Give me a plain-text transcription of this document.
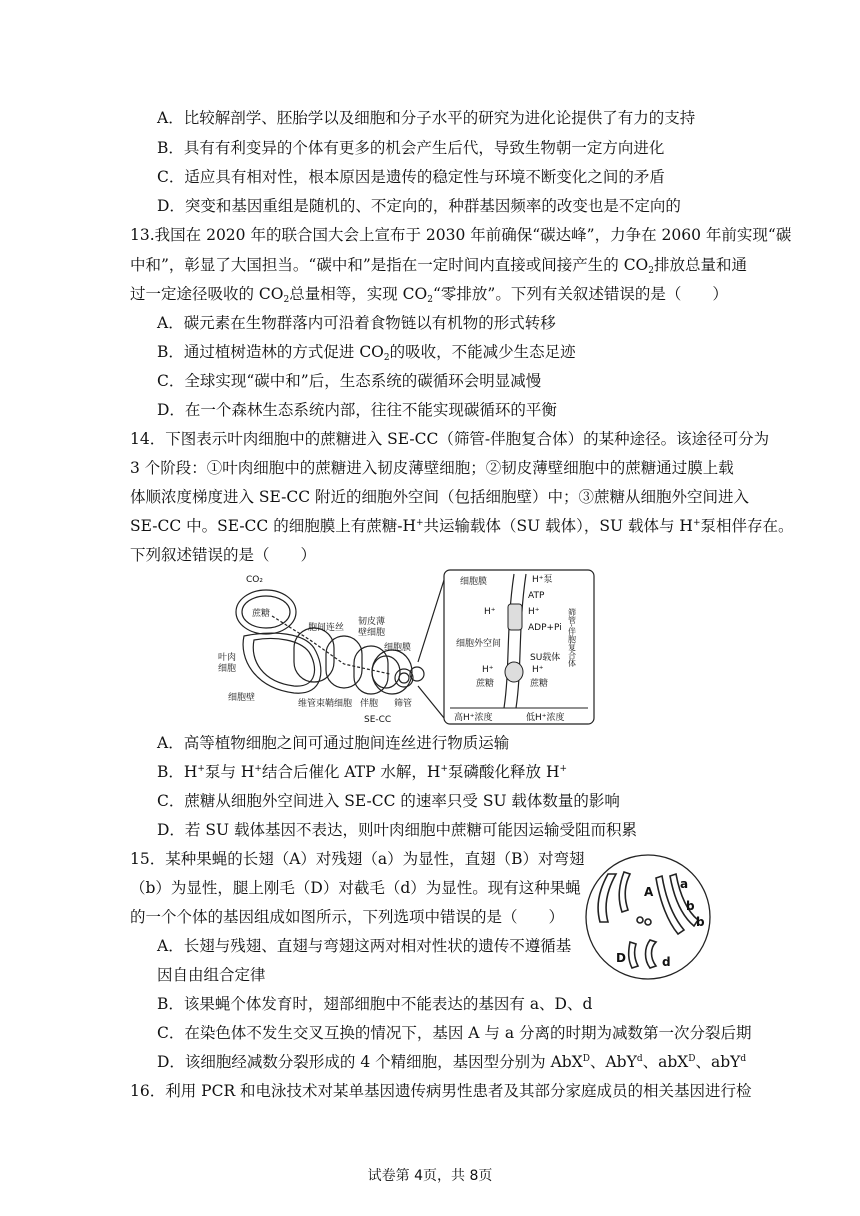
A．比较解剖学、胚胎学以及细胞和分子水平的研究为进化论提供了有力的支持
B．具有有利变异的个体有更多的机会产生后代，导致生物朝一定方向进化
C．适应具有相对性，根本原因是遗传的稳定性与环境不断变化之间的矛盾
D．突变和基因重组是随机的、不定向的，种群基因频率的改变也是不定向的
13.我国在 2020 年的联合国大会上宣布于 2030 年前确保“碳达峰”，力争在 2060 年前实现“碳
中和”，彰显了大国担当。“碳中和”是指在一定时间内直接或间接产生的 $CO_2$排放总量和通
过一定途径吸收的 $CO_2$总量相等，实现 $CO_2“$零排放”。下列有关叙述错误的是（　　）
A．碳元素在生物群落内可沿着食物链以有机物的形式转移
B．通过植树造林的方式促进 $CO_2$的吸收，不能减少生态足迹
C．全球实现“碳中和”后，生态系统的碳循环会明显减慢
D．在一个森林生态系统内部，往往不能实现碳循环的平衡
14．下图表示叶肉细胞中的蔗糖进入 SE-CC（筛管-伴胞复合体）的某种途径。该途径可分为
3 个阶段：①叶肉细胞中的蔗糖进入韧皮薄壁细胞；②韧皮薄壁细胞中的蔗糖通过膜上载
体顺浓度梯度进入 SE-CC 附近的细胞外空间（包括细胞壁）中；③蔗糖从细胞外空间进入
SE-CC 中。SE-CC 的细胞膜上有蔗糖-H+共运输载体（SU 载体），SU 载体与 H+泵相伴存在。
下列叙述错误的是（　　）
CO₂
蔗糖
胞间连丝
韧皮薄
壁细胞
叶肉
细胞
细胞膜
细胞壁
维管束鞘细胞 伴胞 筛管
SE-CC
细胞膜	H⁺泵
ATP
H⁺	H⁺
ADP+Pi
细胞外空间
SU载体
H⁺	H⁺
蔗糖	蔗糖
筛管-伴胞复合体
高H⁺浓度	低H⁺浓度
A．高等植物细胞之间可通过胞间连丝进行物质运输
B．H+泵与 H+结合后催化 ATP 水解，H+泵磷酸化释放 H+
C．蔗糖从细胞外空间进入 SE-CC 的速率只受 SU 载体数量的影响
D．若 SU 载体基因不表达，则叶肉细胞中蔗糖可能因运输受阻而积累
15．某种果蝇的长翅（A）对残翅（a）为显性，直翅（B）对弯翅
（b）为显性，腿上刚毛（D）对截毛（d）为显性。现有这种果蝇
的一个个体的基因组成如图所示，下列选项中错误的是（　　）
A
a
b
b
D	d
A．长翅与残翅、直翅与弯翅这两对相对性状的遗传不遵循基
因自由组合定律
B．该果蝇个体发育时，翅部细胞中不能表达的基因有 a、D、d
C．在染色体不发生交叉互换的情况下，基因 A 与 a 分离的时期为减数第一次分裂后期
D．该细胞经减数分裂形成的 4 个精细胞，基因型分别为 AbX$^D$、AbY$^d$、abX$^D$、abY$^d$
16．利用 PCR 和电泳技术对某单基因遗传病男性患者及其部分家庭成员的相关基因进行检
试卷第 4页，共 8页
